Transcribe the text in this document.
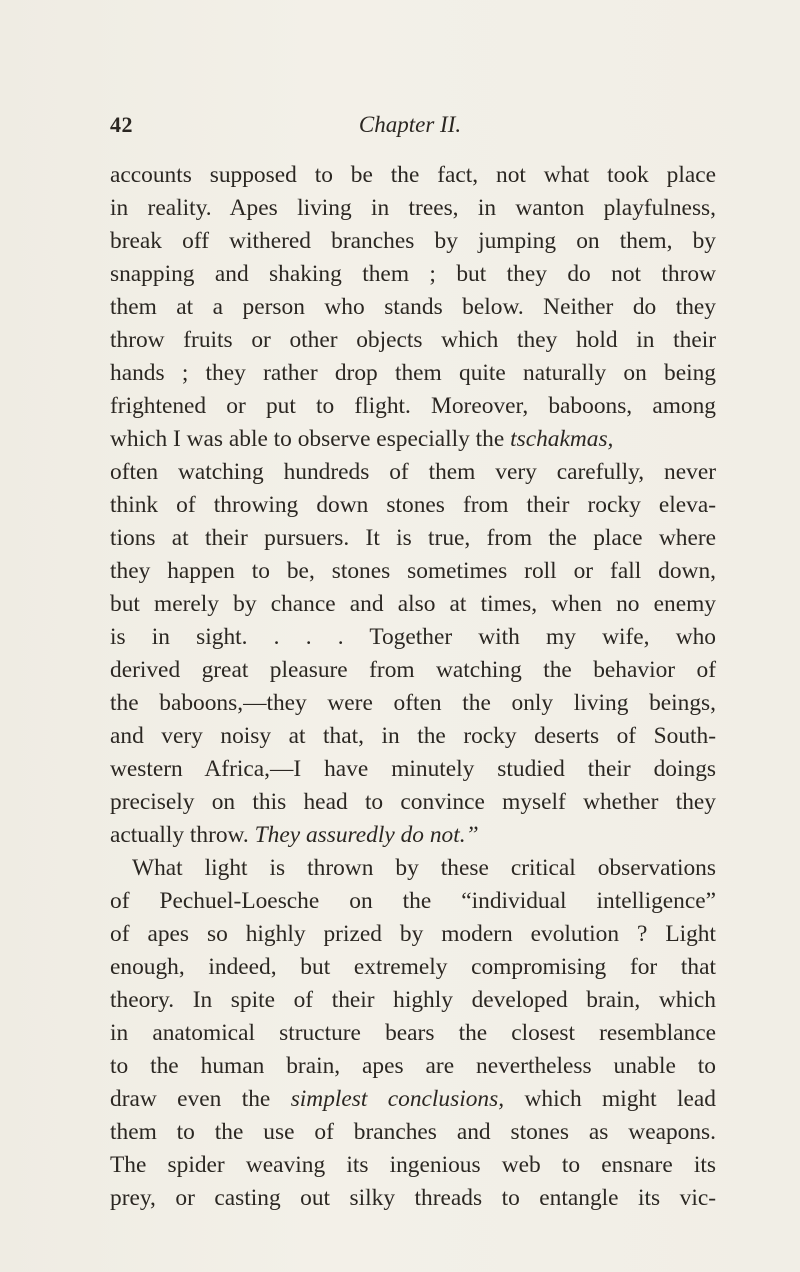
42	Chapter II.
accounts supposed to be the fact, not what took place
in reality. Apes living in trees, in wanton playfulness,
break off withered branches by jumping on them, by
snapping and shaking them ; but they do not throw
them at a person who stands below. Neither do they
throw fruits or other objects which they hold in their
hands ; they rather drop them quite naturally on being
frightened or put to flight. Moreover, baboons, among
which I was able to observe especially the tschakmas,
often watching hundreds of them very carefully, never
think of throwing down stones from their rocky eleva-
tions at their pursuers. It is true, from the place where
they happen to be, stones sometimes roll or fall down,
but merely by chance and also at times, when no enemy
is in sight. . . . Together with my wife, who
derived great pleasure from watching the behavior of
the baboons,—they were often the only living beings,
and very noisy at that, in the rocky deserts of South-
western Africa,—I have minutely studied their doings
precisely on this head to convince myself whether they
actually throw. They assuredly do not.”
What light is thrown by these critical observations
of Pechuel-Loesche on the “individual intelligence”
of apes so highly prized by modern evolution ? Light
enough, indeed, but extremely compromising for that
theory. In spite of their highly developed brain, which
in anatomical structure bears the closest resemblance
to the human brain, apes are nevertheless unable to
draw even the simplest conclusions, which might lead
them to the use of branches and stones as weapons.
The spider weaving its ingenious web to ensnare its
prey, or casting out silky threads to entangle its vic-
